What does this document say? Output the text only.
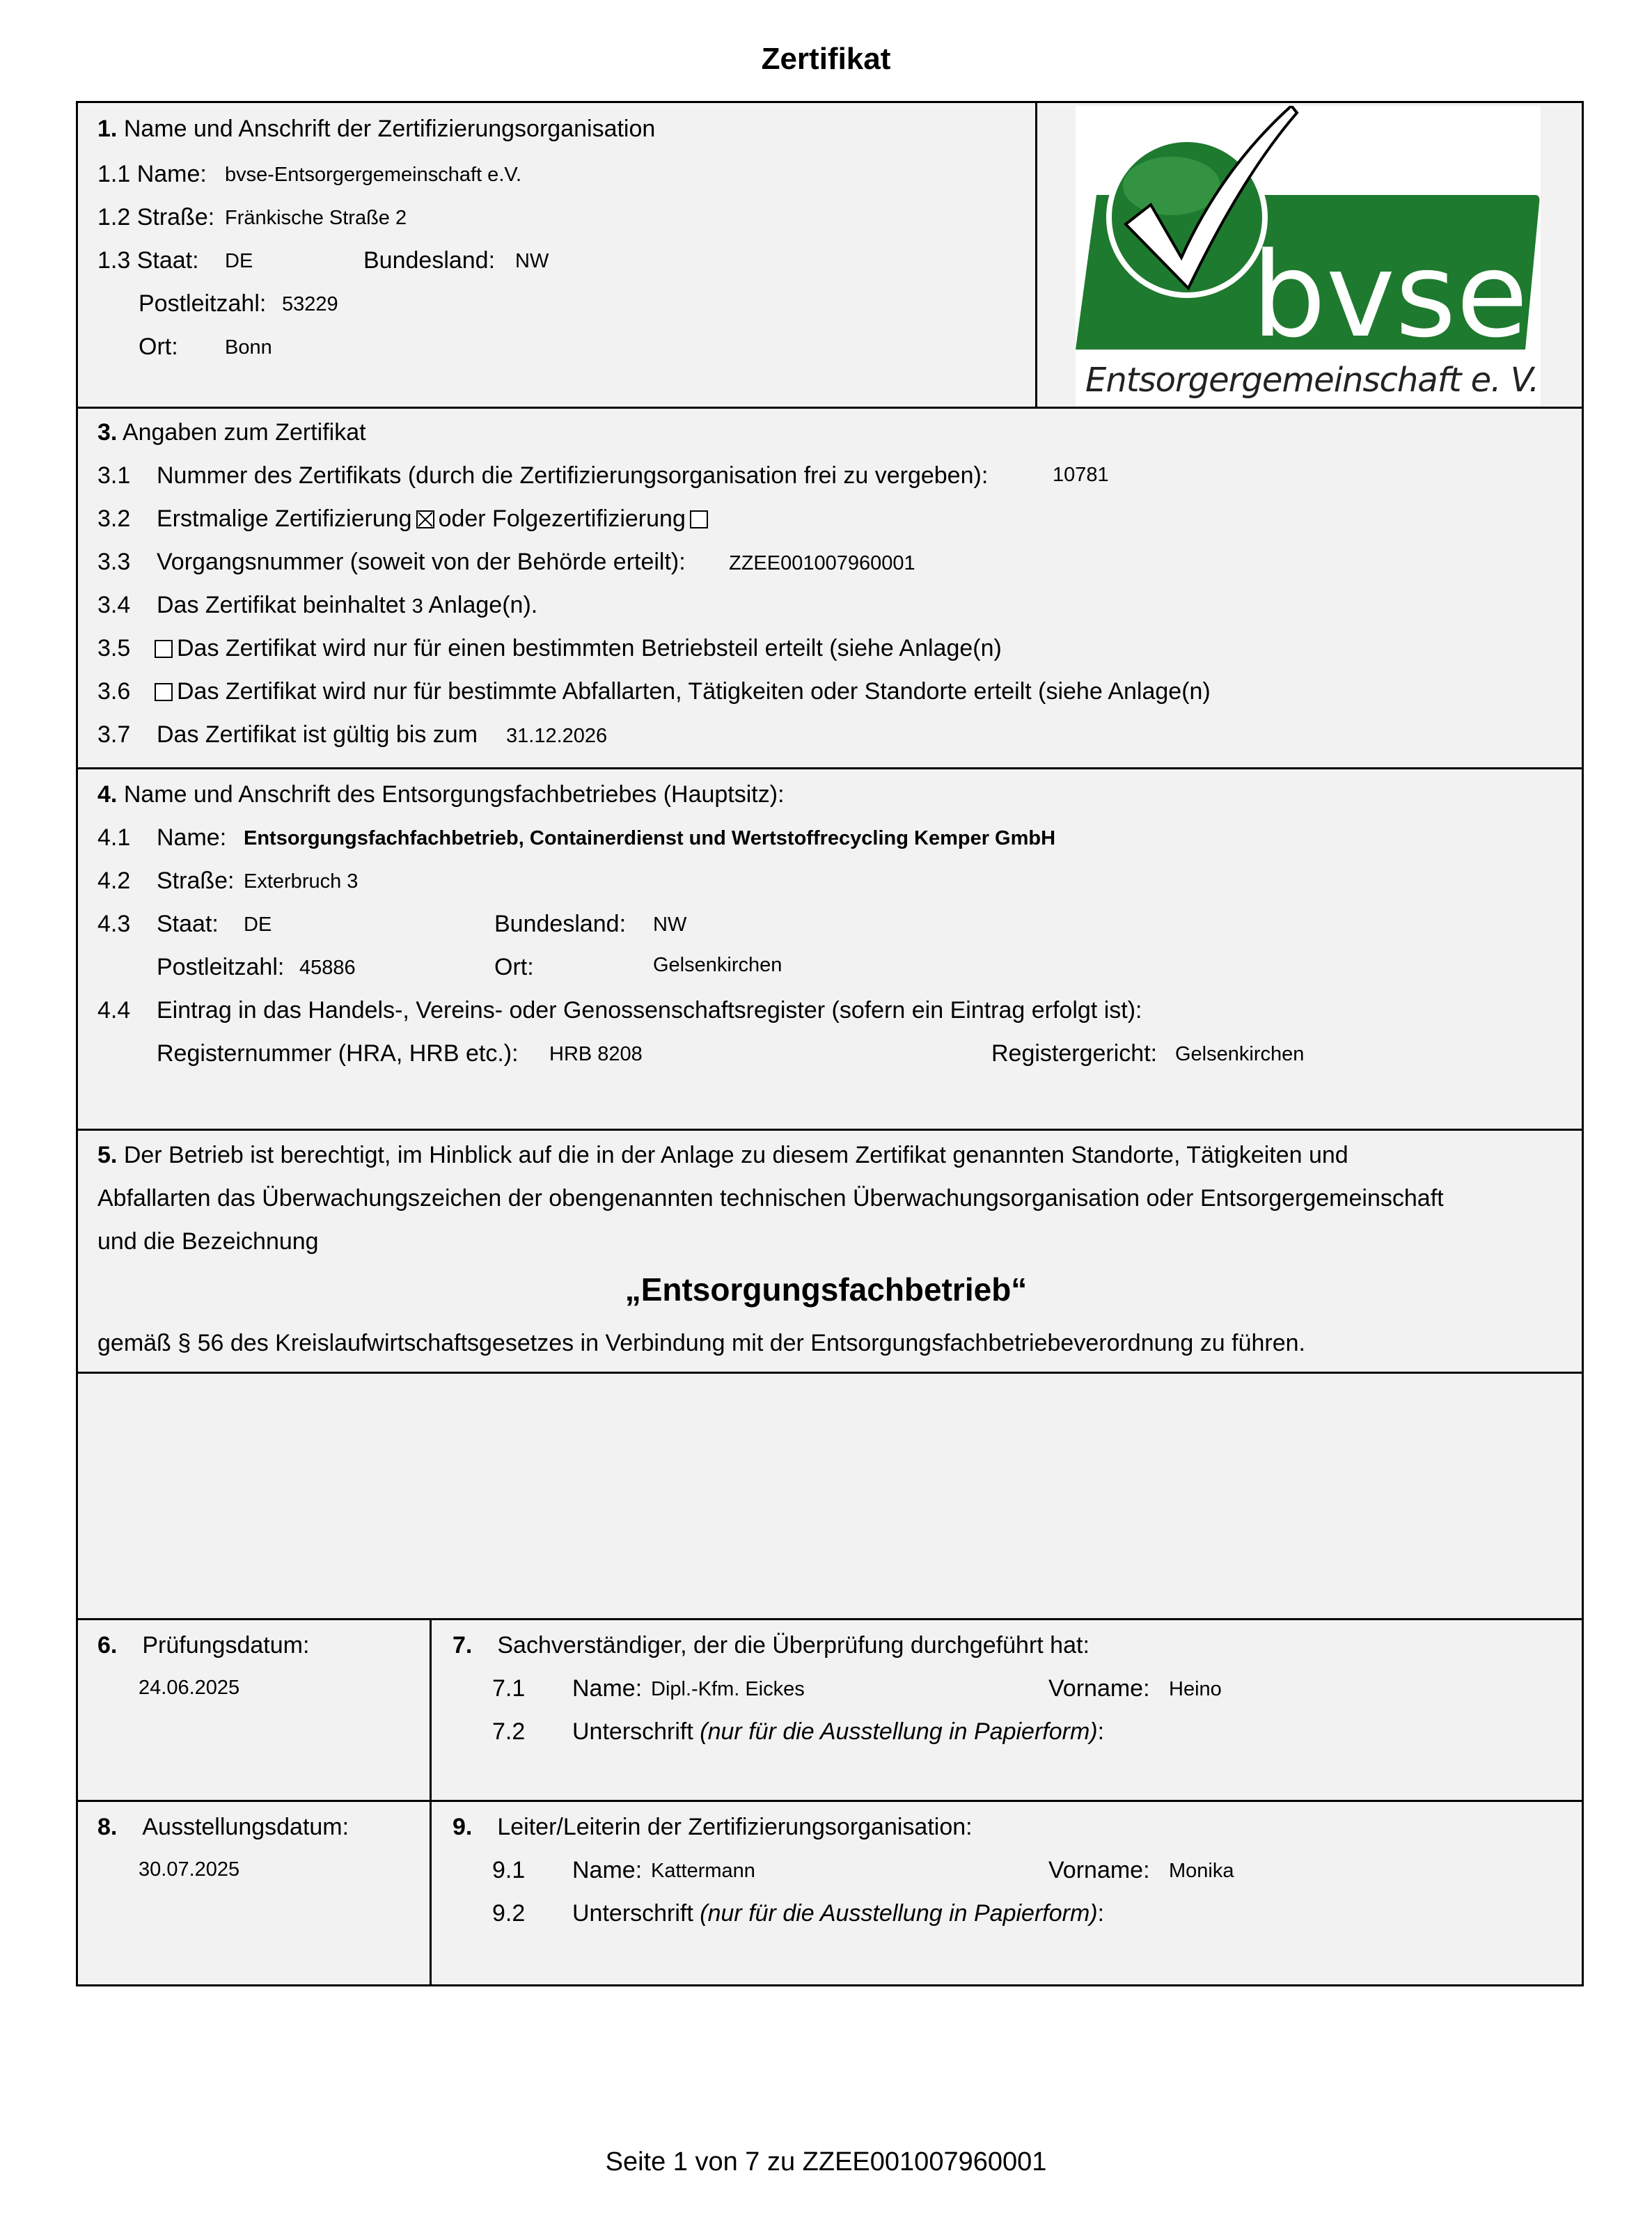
Zertifikat
1. Name und Anschrift der Zertifizierungsorganisation
1.1 Name: bvse-Entsorgergemeinschaft e.V.
1.2 Straße: Fränkische Straße 2
1.3 Staat: DE	Bundesland: NW
Postleitzahl: 53229
Ort: Bonn	bvse
Entsorgergemeinschaft e. V.
3. Angaben zum Zertifikat
3.1 Nummer des Zertifikats (durch die Zertifizierungsorganisation frei zu vergeben):	10781
3.2 Erstmalige Zertifizierung oder Folgezertifizierung
3.3 Vorgangsnummer (soweit von der Behörde erteilt): ZZEE001007960001
3.4 Das Zertifikat beinhaltet 3 Anlage(n).
3.5	Das Zertifikat wird nur für einen bestimmten Betriebsteil erteilt (siehe Anlage(n)
3.6	Das Zertifikat wird nur für bestimmte Abfallarten, Tätigkeiten oder Standorte erteilt (siehe Anlage(n)
3.7 Das Zertifikat ist gültig bis zum 31.12.2026
4. Name und Anschrift des Entsorgungsfachbetriebes (Hauptsitz):
4.1 Name: Entsorgungsfachfachbetrieb, Containerdienst und Wertstoffrecycling Kemper GmbH
4.2 Straße: Exterbruch 3
4.3 Staat: DE	Bundesland: NW
Postleitzahl: 45886	Ort:	Gelsenkirchen
4.4 Eintrag in das Handels-, Vereins- oder Genossenschaftsregister (sofern ein Eintrag erfolgt ist):
Registernummer (HRA, HRB etc.): HRB 8208	Registergericht: Gelsenkirchen
5. Der Betrieb ist berechtigt, im Hinblick auf die in der Anlage zu diesem Zertifikat genannten Standorte, Tätigkeiten und
Abfallarten das Überwachungszeichen der obengenannten technischen Überwachungsorganisation oder Entsorgergemeinschaft
und die Bezeichnung
„Entsorgungsfachbetrieb“
gemäß § 56 des Kreislaufwirtschaftsgesetzes in Verbindung mit der Entsorgungsfachbetriebeverordnung zu führen.
6. Prüfungsdatum:
24.06.2025
7. Sachverständiger, der die Überprüfung durchgeführt hat:
7.1 Name: Dipl.-Kfm. Eickes	Vorname: Heino
7.2 Unterschrift (nur für die Ausstellung in Papierform):
8. Ausstellungsdatum:
30.07.2025
9. Leiter/Leiterin der Zertifizierungsorganisation:
9.1 Name: Kattermann	Vorname: Monika
9.2 Unterschrift (nur für die Ausstellung in Papierform):
Seite 1 von 7 zu ZZEE001007960001
